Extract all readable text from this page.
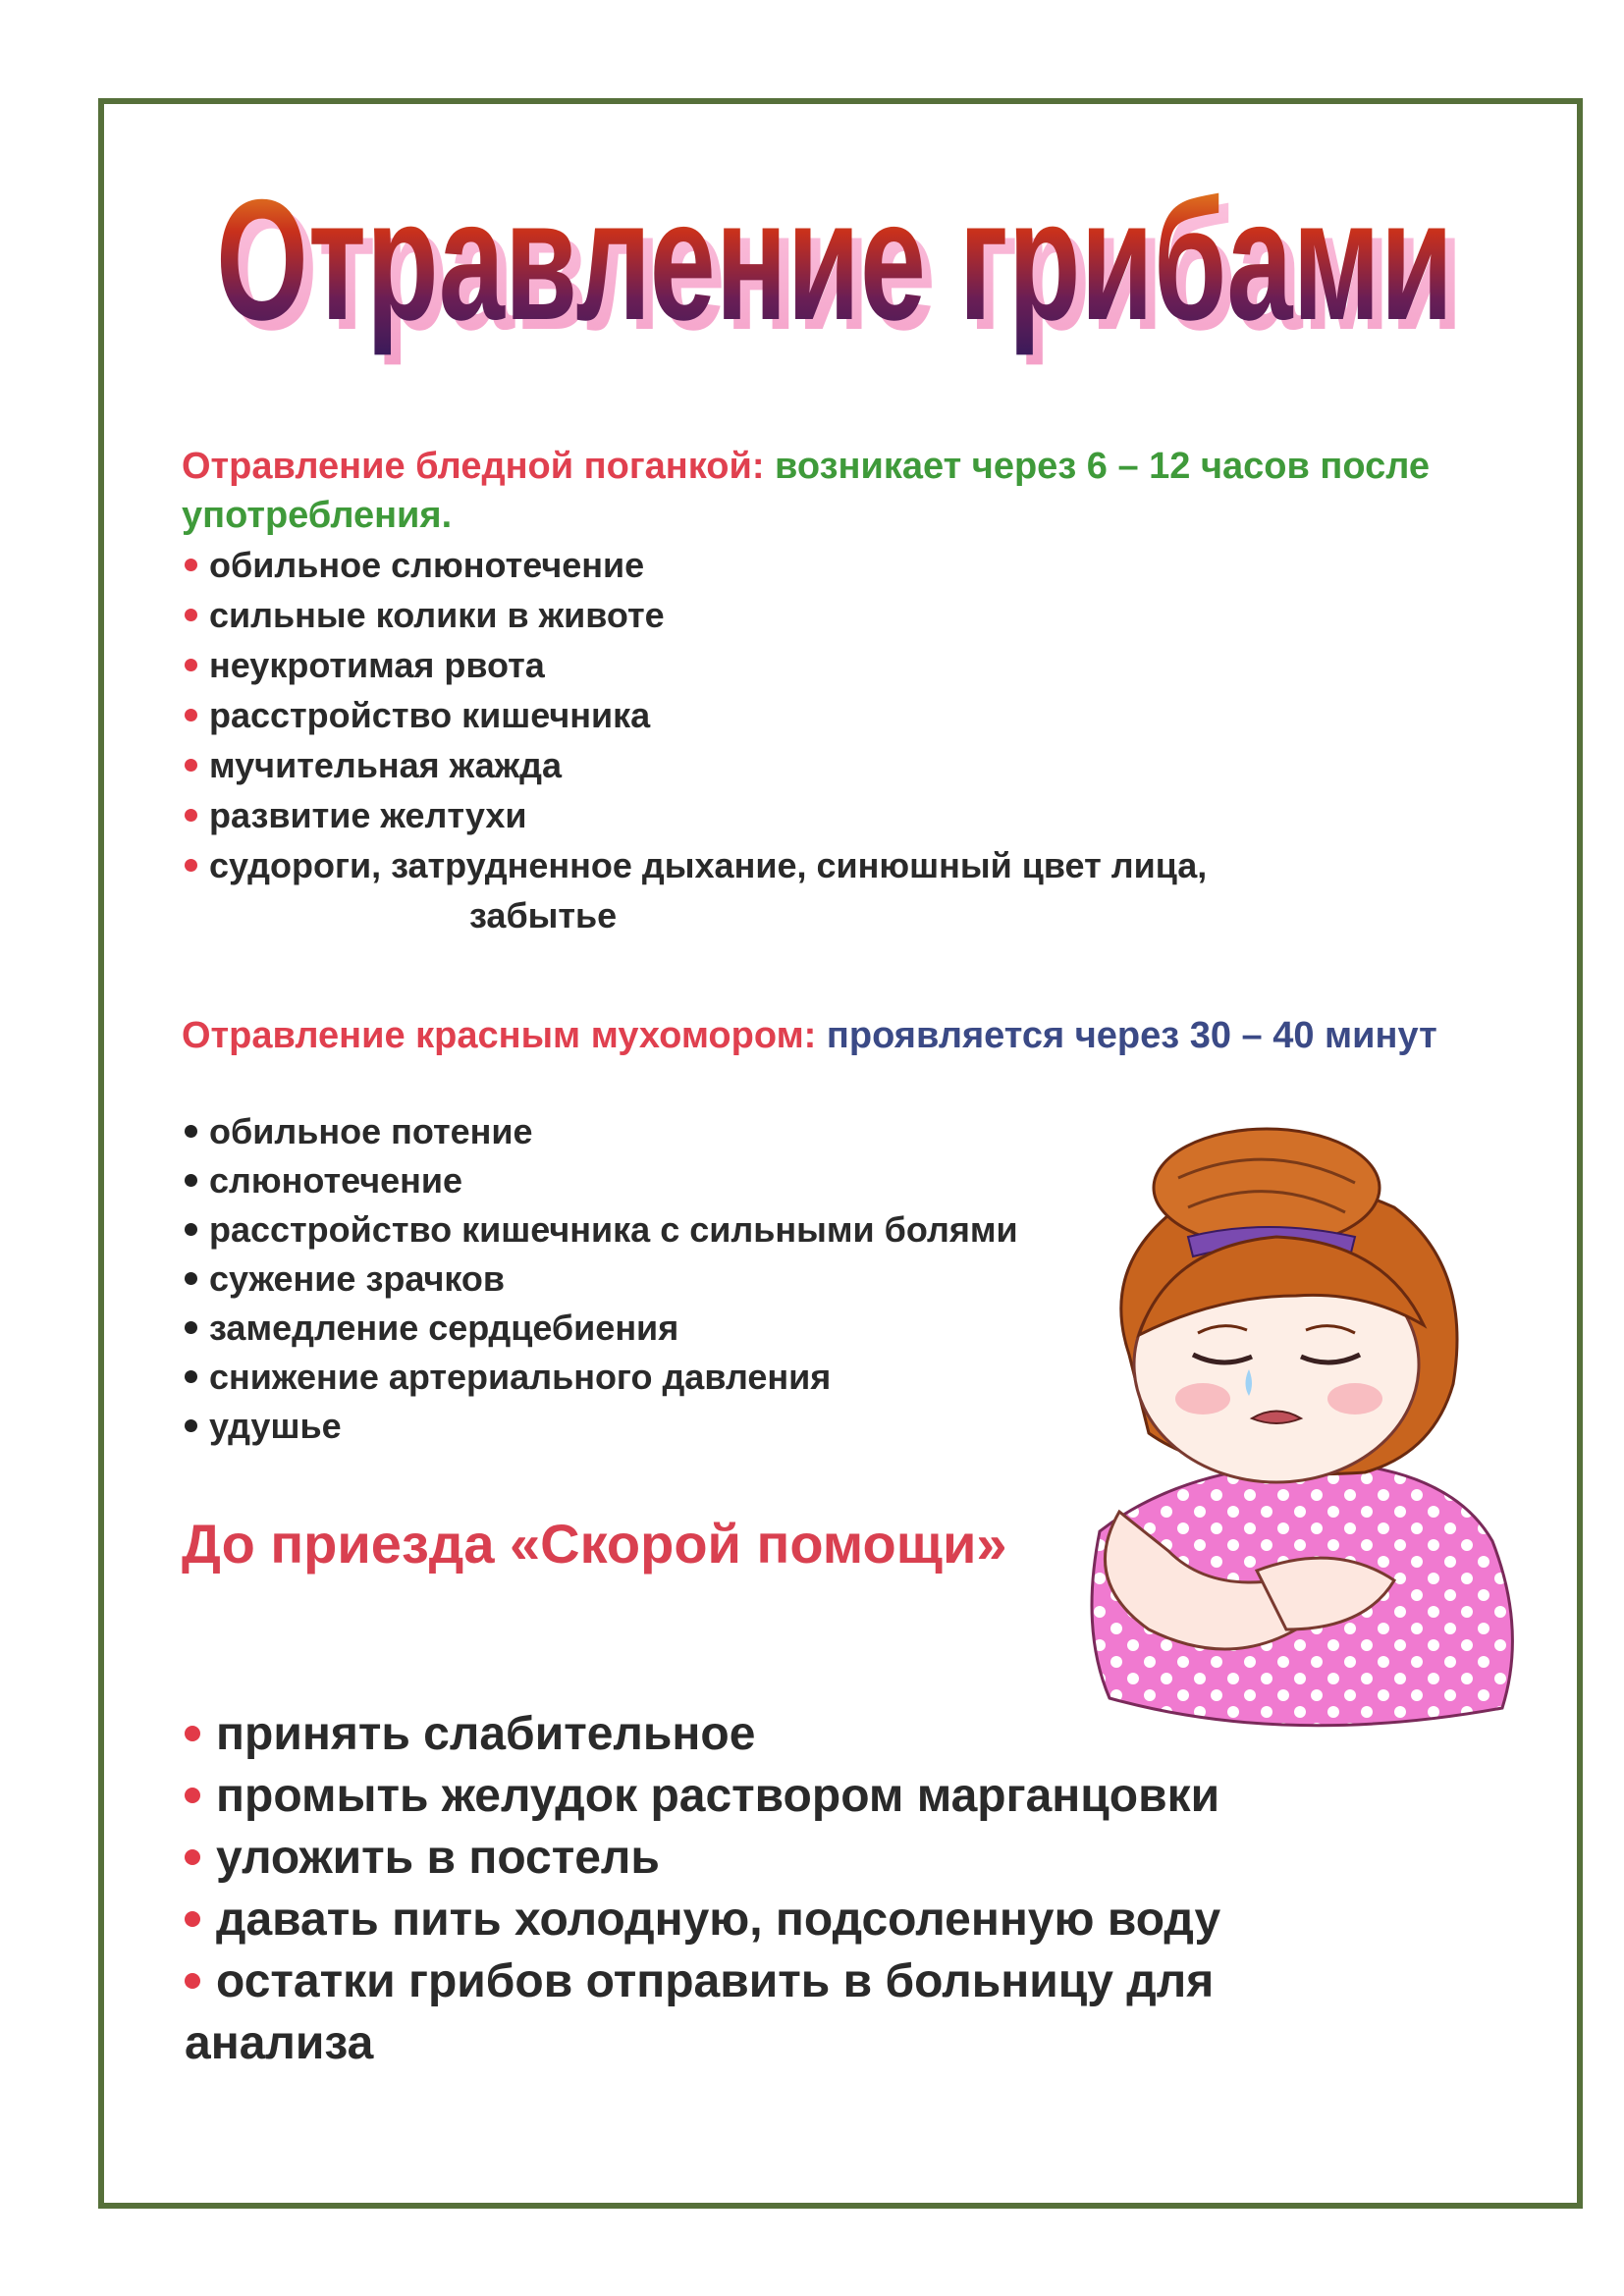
Отравление грибами
Отравление грибами
Отравление бледной поганкой: возникает через 6 – 12 часов после употребления.
обильное слюнотечение
сильные колики в животе
неукротимая рвота
расстройство кишечника
мучительная жажда
развитие желтухи
судороги, затрудненное дыхание, синюшный цвет лица,
забытье
Отравление красным мухомором: проявляется через 30 – 40 минут
обильное потение
слюнотечение
расстройство кишечника с сильными болями
сужение зрачков
замедление сердцебиения
снижение артериального давления
удушье
До приезда «Скорой помощи»
принять слабительное
промыть желудок раствором марганцовки
уложить в постель
давать пить холодную, подсоленную воду
остатки грибов отправить в больницу для
анализа
